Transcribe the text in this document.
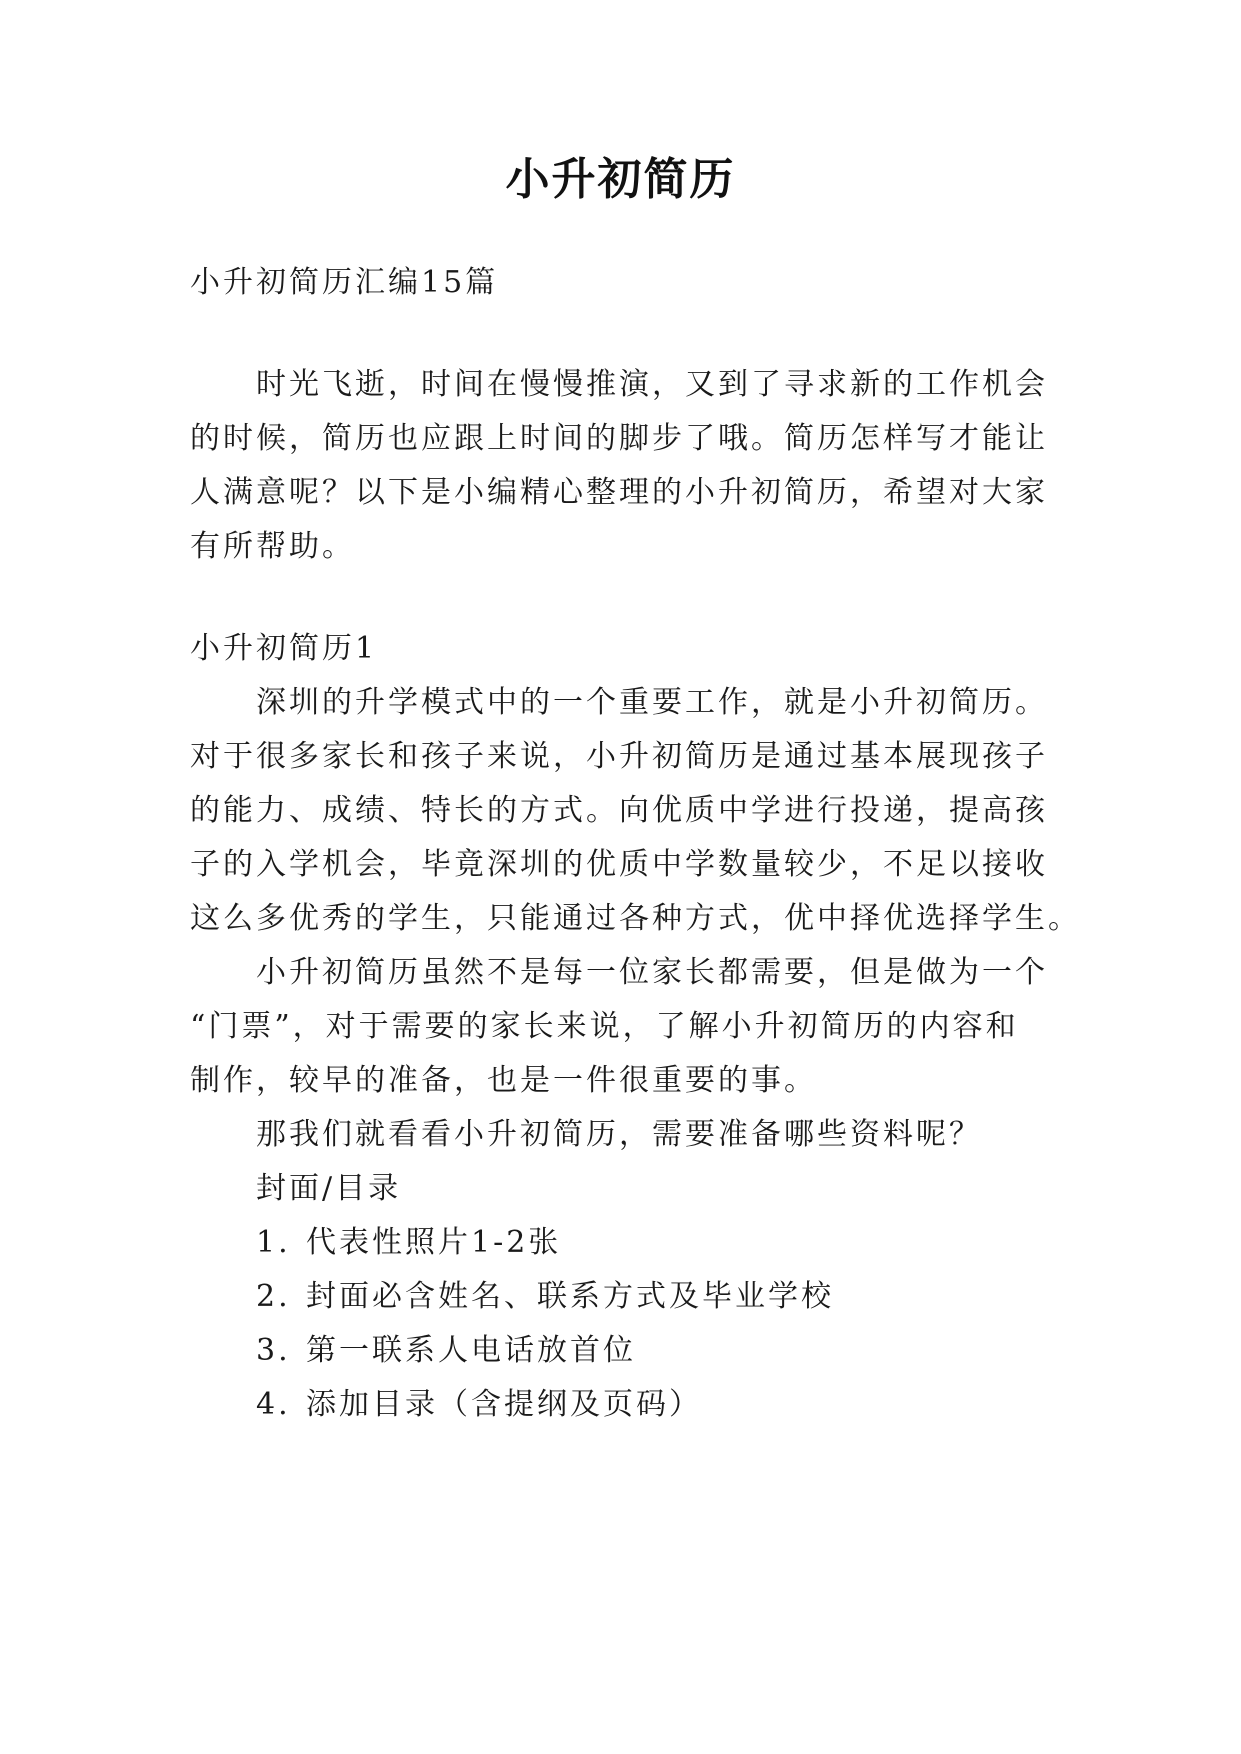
小升初简历
小升初简历汇编15篇
时光飞逝，时间在慢慢推演，又到了寻求新的工作机会
的时候，简历也应跟上时间的脚步了哦。简历怎样写才能让
人满意呢？以下是小编精心整理的小升初简历，希望对大家
有所帮助。
小升初简历1
深圳的升学模式中的一个重要工作，就是小升初简历。
对于很多家长和孩子来说，小升初简历是通过基本展现孩子
的能力、成绩、特长的方式。向优质中学进行投递，提高孩
子的入学机会，毕竟深圳的优质中学数量较少，不足以接收
这么多优秀的学生，只能通过各种方式，优中择优选择学生。
小升初简历虽然不是每一位家长都需要，但是做为一个
“门票”，对于需要的家长来说，了解小升初简历的内容和
制作，较早的准备，也是一件很重要的事。
那我们就看看小升初简历，需要准备哪些资料呢？
封面/目录
1. 代表性照片1-2张
2. 封面必含姓名、联系方式及毕业学校
3. 第一联系人电话放首位
4. 添加目录（含提纲及页码）
